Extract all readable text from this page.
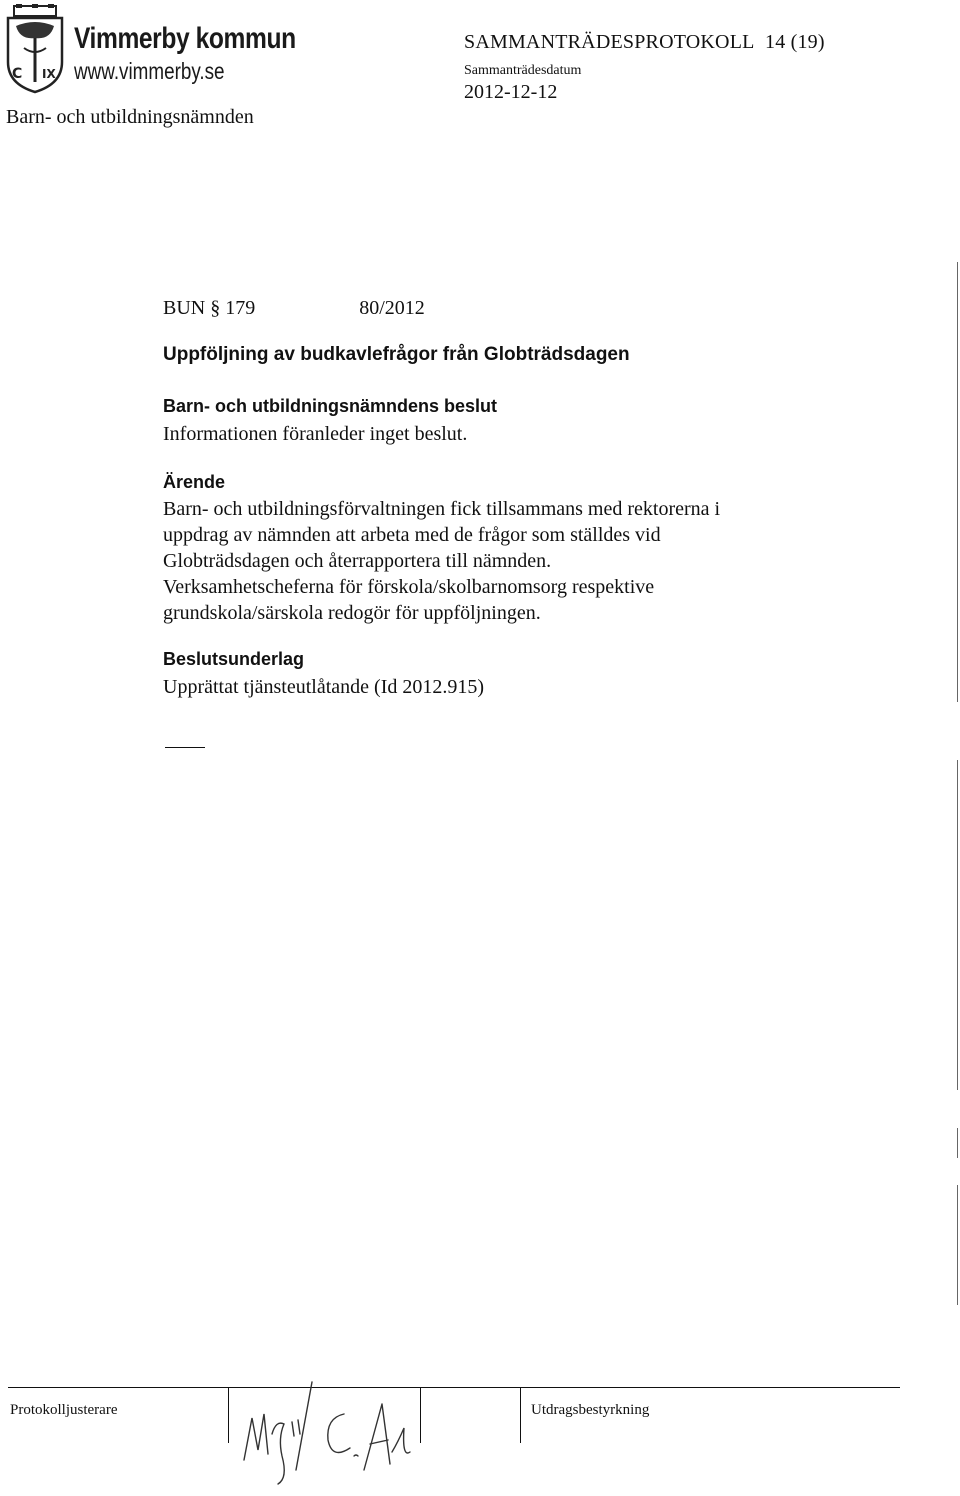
C IX
Vimmerby kommun
www.vimmerby.se
Barn- och utbildningsnämnden
SAMMANTRÄDESPROTOKOLL 14 (19)
Sammanträdesdatum
2012-12-12
BUN § 179	80/2012
Uppföljning av budkavlefrågor från Globträdsdagen
Barn- och utbildningsnämndens beslut
Informationen föranleder inget beslut.
Ärende
Barn- och utbildningsförvaltningen fick tillsammans med rektorerna i
uppdrag av nämnden att arbeta med de frågor som ställdes vid
Globträdsdagen och återrapportera till nämnden.
Verksamhetscheferna för förskola/skolbarnomsorg respektive
grundskola/särskola redogör för uppföljningen.
Beslutsunderlag
Upprättat tjänsteutlåtande (Id 2012.915)
Protokolljusterare	Utdragsbestyrkning
